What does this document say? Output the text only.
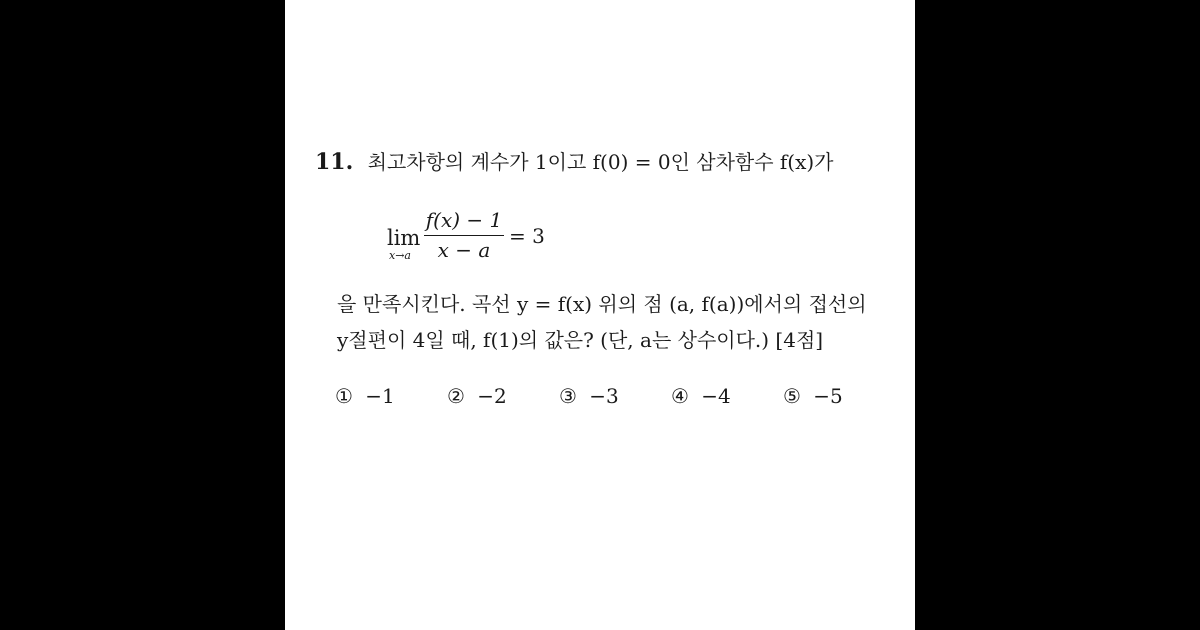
11. 최고차항의 계수가 1이고 f(0) = 0인 삼차함수 f(x)가
lim
$x\to a \frac{f(x) - 1}{x - a} = 3$
을 만족시킨다. 곡선 y = f(x) 위의 점 (a, f(a))에서의 접선의
y절편이 4일 때, f(1)의 값은? (단, a는 상수이다.) [4점]
① −1	② −2	③ −3	④ −4	⑤ −5
